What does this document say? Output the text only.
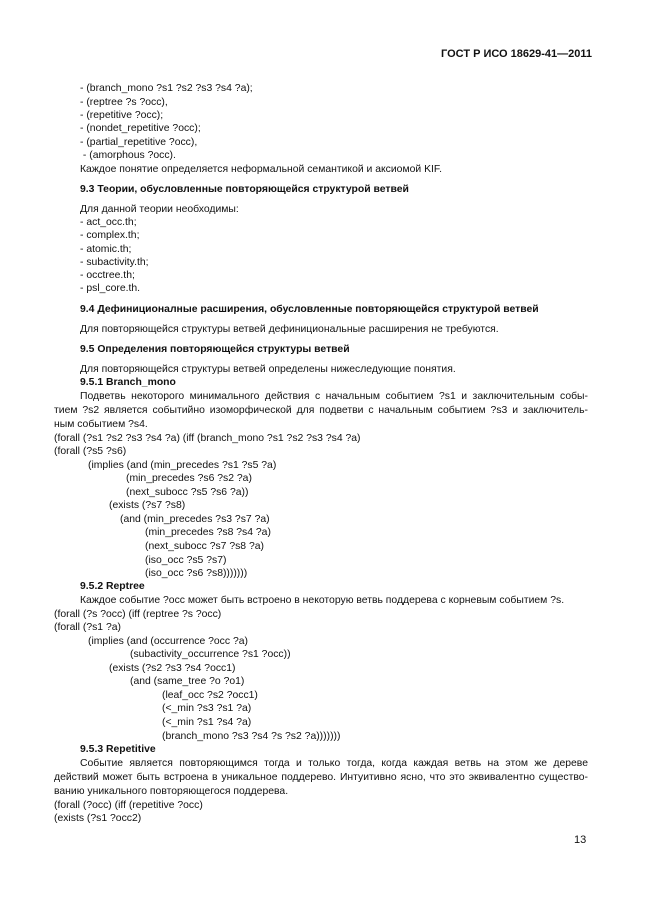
ГОСТ Р ИСО 18629-41—2011
- (branch_mono ?s1 ?s2 ?s3 ?s4 ?a);
- (reptree ?s ?occ),
- (repetitive ?occ);
- (nondet_repetitive ?occ);
- (partial_repetitive ?occ),
- (amorphous ?occ).
Каждое понятие определяется неформальной семантикой и аксиомой KIF.
9.3 Теории, обусловленные повторяющейся структурой ветвей
Для данной теории необходимы:
- act_occ.th;
- complex.th;
- atomic.th;
- subactivity.th;
- occtree.th;
- psl_core.th.
9.4 Дефиниционалные расширения, обусловленные повторяющейся структурой ветвей
Для повторяющейся структуры ветвей дефинициональные расширения не требуются.
9.5 Определения повторяющейся структуры ветвей
Для повторяющейся структуры ветвей определены нижеследующие понятия.
9.5.1 Branch_mono
Подветвь некоторого минимального действия с начальным событием ?s1 и заключительным собы-
тием ?s2 является событийно изоморфической для подветви с начальным событием ?s3 и заключитель-
ным событием ?s4.
(forall (?s1 ?s2 ?s3 ?s4 ?a) (iff (branch_mono ?s1 ?s2 ?s3 ?s4 ?a)
(forall (?s5 ?s6)
(implies (and (min_precedes ?s1 ?s5 ?a)
(min_precedes ?s6 ?s2 ?a)
(next_subocc ?s5 ?s6 ?a))
(exists (?s7 ?s8)
(and (min_precedes ?s3 ?s7 ?a)
(min_precedes ?s8 ?s4 ?a)
(next_subocc ?s7 ?s8 ?a)
(iso_occ ?s5 ?s7)
(iso_occ ?s6 ?s8)))))))
9.5.2 Reptree
Каждое событие ?occ может быть встроено в некоторую ветвь поддерева с корневым событием ?s.
(forall (?s ?occ) (iff (reptree ?s ?occ)
(forall (?s1 ?a)
(implies (and (occurrence ?occ ?a)
(subactivity_occurrence ?s1 ?occ))
(exists (?s2 ?s3 ?s4 ?occ1)
(and (same_tree ?o ?o1)
(leaf_occ ?s2 ?occ1)
(<_min ?s3 ?s1 ?a)
(<_min ?s1 ?s4 ?a)
(branch_mono ?s3 ?s4 ?s ?s2 ?a)))))))
9.5.3 Repetitive
Событие является повторяющимся тогда и только тогда, когда каждая ветвь на этом же дереве
действий может быть встроена в уникальное поддерево. Интуитивно ясно, что это эквивалентно существо-
ванию уникального повторяющегося поддерева.
(forall (?occ) (iff (repetitive ?occ)
(exists (?s1 ?occ2)
13
